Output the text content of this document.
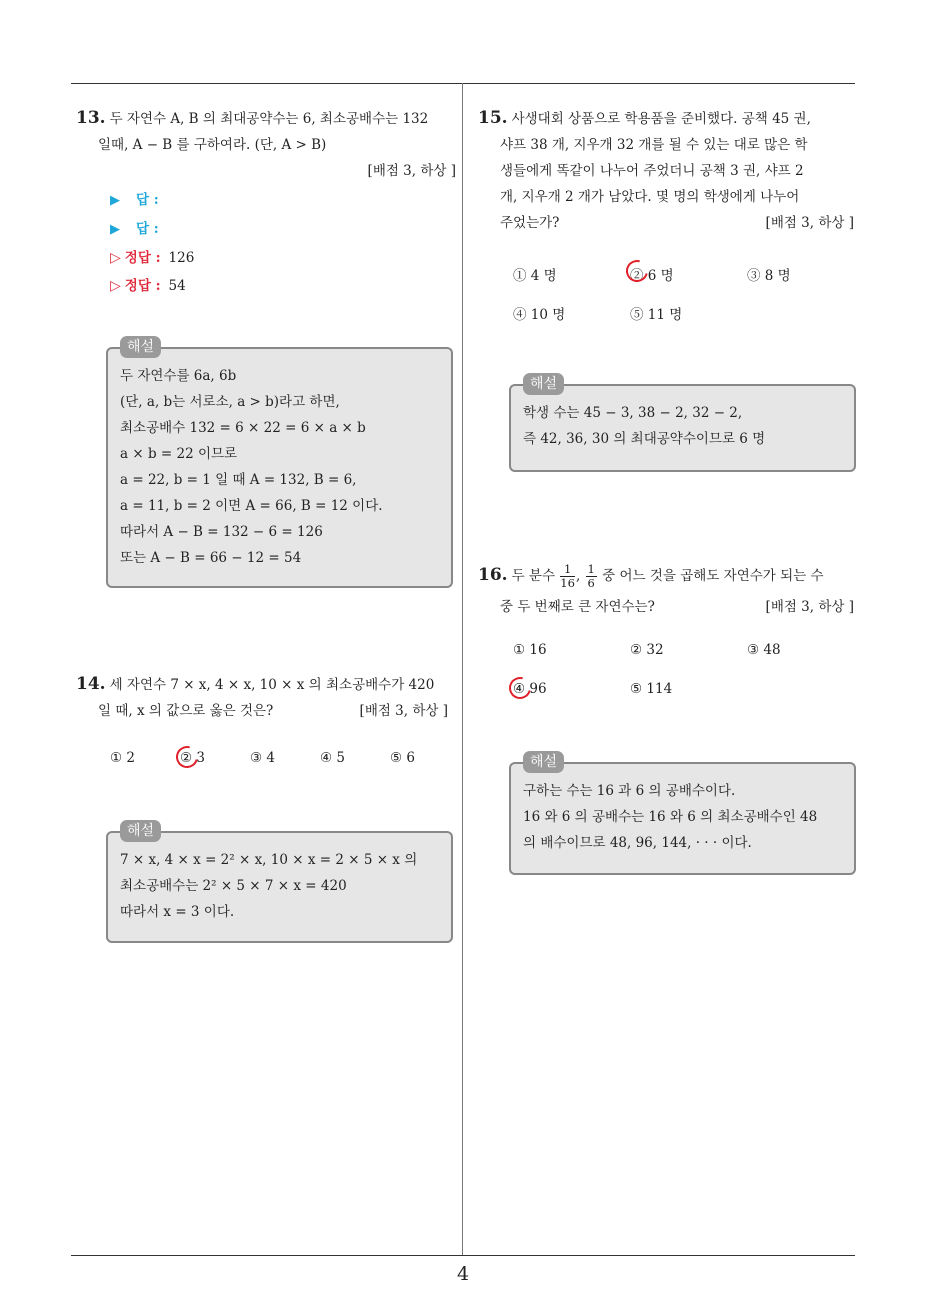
4
13. 두 자연수 A, B 의 최대공약수는 6, 최소공배수는 132
일때, A − B 를 구하여라. (단, A > B)
[배점 3, 하상 ]
▶ 답 :
▶ 답 :
▷ 정답 : 126
▷ 정답 : 54
해설
두 자연수를 6a, 6b
(단, a, b는 서로소, a > b)라고 하면,
최소공배수 132 = 6 × 22 = 6 × a × b
a × b = 22 이므로
a = 22, b = 1 일 때 A = 132, B = 6,
a = 11, b = 2 이면 A = 66, B = 12 이다.
따라서 A − B = 132 − 6 = 126
또는 A − B = 66 − 12 = 54
14. 세 자연수 7 × x, 4 × x, 10 × x 의 최소공배수가 420
일 때, x 의 값으로 옳은 것은?	[배점 3, 하상 ]
① 2	② 3	③ 4	④ 5	⑤ 6
해설
7 × x, 4 × x = 2² × x, 10 × x = 2 × 5 × x 의
최소공배수는 2² × 5 × 7 × x = 420
따라서 x = 3 이다.
15. 사생대회 상품으로 학용품을 준비했다. 공책 45 권,
샤프 38 개, 지우개 32 개를 될 수 있는 대로 많은 학
생들에게 똑같이 나누어 주었더니 공책 3 권, 샤프 2
개, 지우개 2 개가 남았다. 몇 명의 학생에게 나누어
주었는가?	[배점 3, 하상 ]
① 4 명	② 6 명	③ 8 명
④ 10 명	⑤ 11 명
해설
학생 수는 45 − 3, 38 − 2, 32 − 2,
즉 42, 36, 30 의 최대공약수이므로 6 명
16. 두 분수 $\frac{1}{16}$ , $\frac{1}{6}$ 중 어느 것을 곱해도 자연수가 되는 수
중 두 번째로 큰 자연수는?	[배점 3, 하상 ]
① 16	② 32	③ 48
④ 96	⑤ 114
해설
구하는 수는 16 과 6 의 공배수이다.
16 와 6 의 공배수는 16 와 6 의 최소공배수인 48
의 배수이므로 48, 96, 144, · · · 이다.
